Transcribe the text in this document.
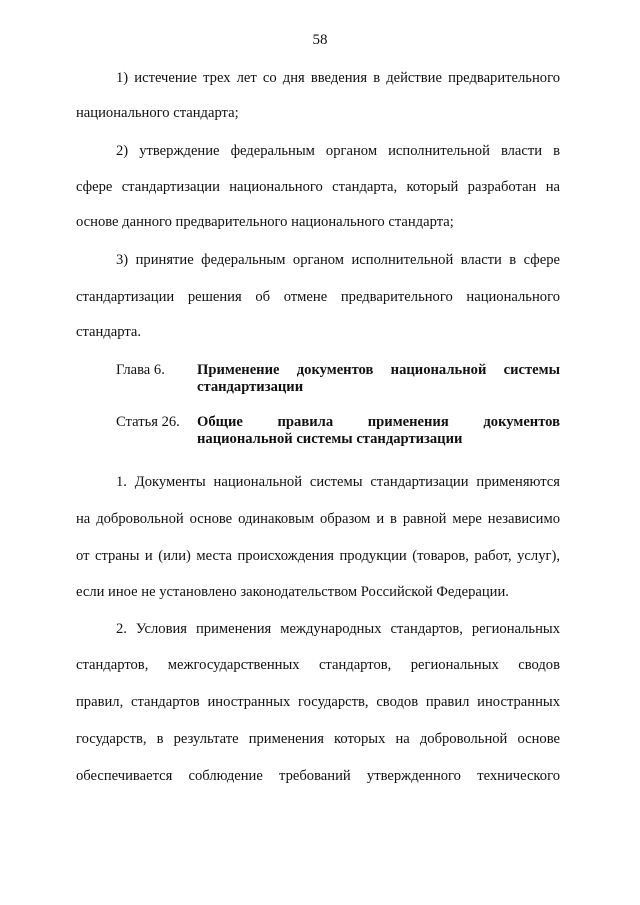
58
1) истечение трех лет со дня введения в действие предварительного
национального стандарта;
2) утверждение федеральным органом исполнительной власти в
сфере стандартизации национального стандарта, который разработан на
основе данного предварительного национального стандарта;
3) принятие федеральным органом исполнительной власти в сфере
стандартизации решения об отмене предварительного национального
стандарта.
Глава 6. Применение документов национальной системы
стандартизации
Статья 26. Общие правила применения документов
национальной системы стандартизации
1. Документы национальной системы стандартизации применяются
на добровольной основе одинаковым образом и в равной мере независимо
от страны и (или) места происхождения продукции (товаров, работ, услуг),
если иное не установлено законодательством Российской Федерации.
2. Условия применения международных стандартов, региональных
стандартов, межгосударственных стандартов, региональных сводов
правил, стандартов иностранных государств, сводов правил иностранных
государств, в результате применения которых на добровольной основе
обеспечивается соблюдение требований утвержденного технического
